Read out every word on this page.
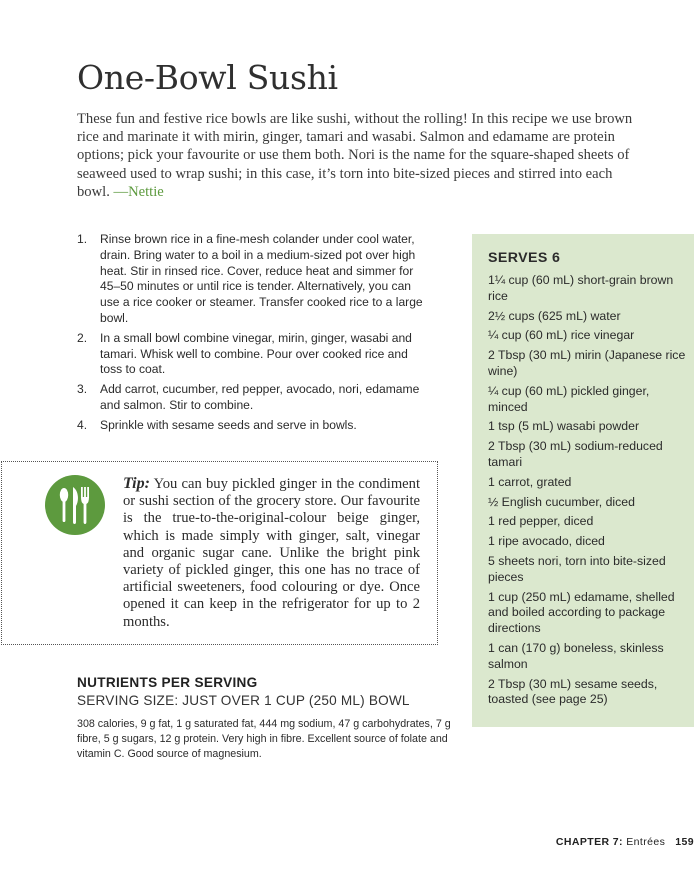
One-Bowl Sushi

These fun and festive rice bowls are like sushi, without the rolling! In this recipe we use brown rice and marinate it with mirin, ginger, tamari and wasabi. Salmon and edamame are protein options; pick your favourite or use them both. Nori is the name for the square-shaped sheets of seaweed used to wrap sushi; in this case, it’s torn into bite-sized pieces and stirred into each bowl. —Nettie

1.	Rinse brown rice in a fine-mesh colander under cool water, drain. Bring water to a boil in a medium-sized pot over high heat. Stir in rinsed rice. Cover, reduce heat and simmer for 45–50 minutes or until rice is tender. Alternatively, you can use a rice cooker or steamer. Transfer cooked rice to a large bowl.
2.	In a small bowl combine vinegar, mirin, ginger, wasabi and tamari. Whisk well to combine. Pour over cooked rice and toss to coat.
3.	Add carrot, cucumber, red pepper, avocado, nori, edamame and salmon. Stir to combine.
4.	Sprinkle with sesame seeds and serve in bowls.

Tip: You can buy pickled ginger in the condiment or sushi section of the grocery store. Our favourite is the true-to-the-original-colour beige ginger, which is made simply with ginger, salt, vinegar and organic sugar cane. Unlike the bright pink variety of pickled ginger, this one has no trace of artificial sweeteners, food colouring or dye. Once opened it can keep in the refrigerator for up to 2 months.

NUTRIENTS PER SERVING

SERVING SIZE: JUST OVER 1 CUP (250 ML) BOWL

308 calories, 9 g fat, 1 g saturated fat, 444 mg sodium, 47 g carbohydrates, 7 g fibre, 5 g sugars, 12 g protein. Very high in fibre. Excellent source of folate and vitamin C. Good source of magnesium.

SERVES 6
1¼ cup (60 mL) short-grain brown rice
2½ cups (625 mL) water
¼ cup (60 mL) rice vinegar
2 Tbsp (30 mL) mirin (Japanese rice wine)
¼ cup (60 mL) pickled ginger, minced
1 tsp (5 mL) wasabi powder
2 Tbsp (30 mL) sodium-reduced tamari
1 carrot, grated
½ English cucumber, diced
1 red pepper, diced
1 ripe avocado, diced
5 sheets nori, torn into bite-sized pieces
1 cup (250 mL) edamame, shelled and boiled according to package directions
1 can (170 g) boneless, skinless salmon
2 Tbsp (30 mL) sesame seeds, toasted (see page 25)
CHAPTER 7: Entrées 159
